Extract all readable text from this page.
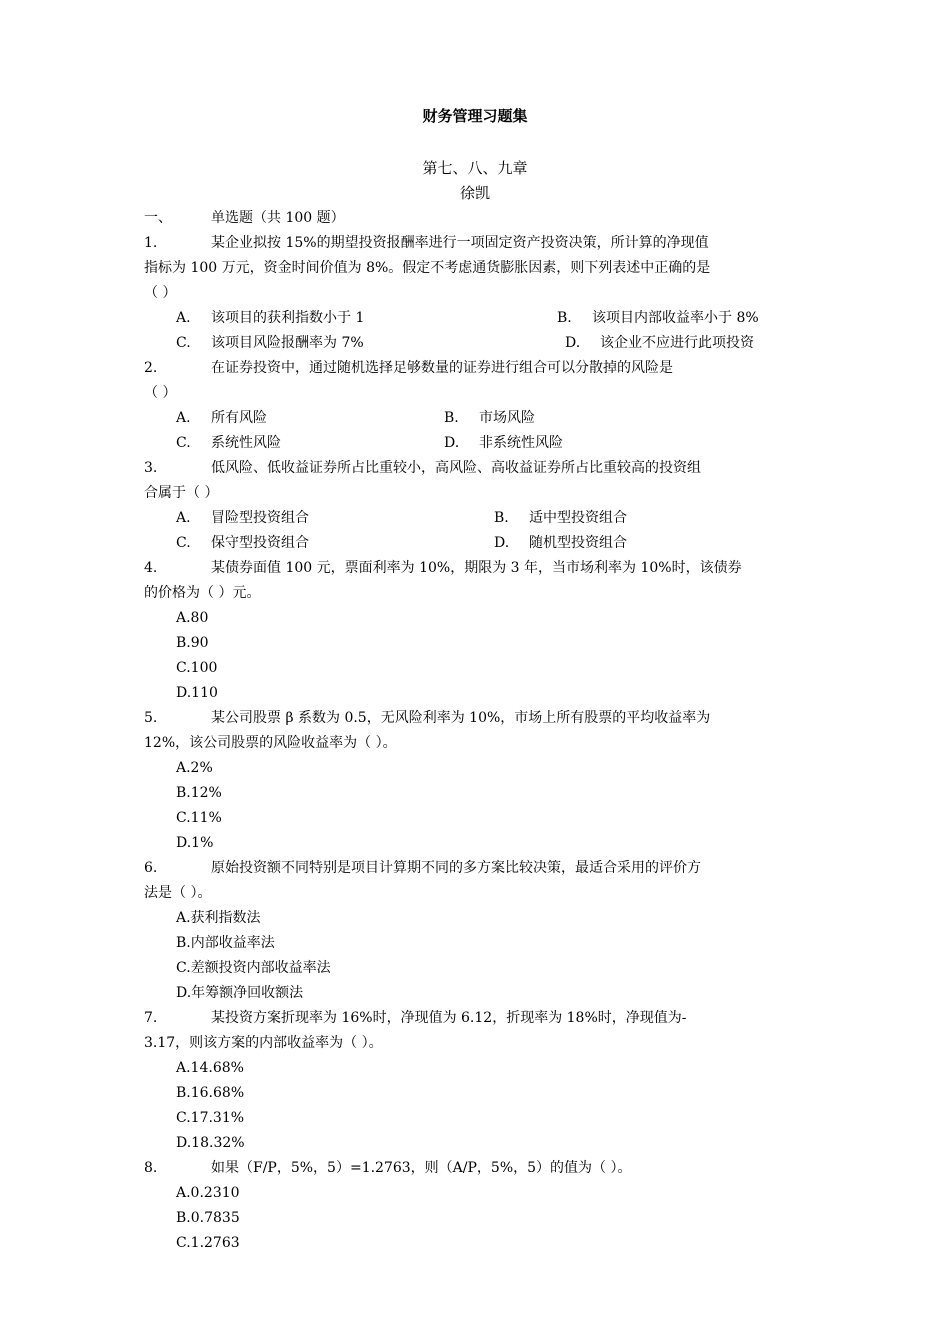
财务管理习题集
第七、八、九章
徐凯
一、	单选题（共 100 题）
1.	某企业拟按 15%的期望投资报酬率进行一项固定资产投资决策，所计算的净现值
指标为 100 万元，资金时间价值为 8%。假定不考虑通货膨胀因素，则下列表述中正确的是
（ ）
A. 该项目的获利指数小于 1	B. 该项目内部收益率小于 8%
C. 该项目风险报酬率为 7%	D. 该企业不应进行此项投资
2.	在证券投资中，通过随机选择足够数量的证券进行组合可以分散掉的风险是
（ ）
A. 所有风险	B. 市场风险
C. 系统性风险	D. 非系统性风险
3.	低风险、低收益证券所占比重较小，高风险、高收益证券所占比重较高的投资组
合属于（ ）
A. 冒险型投资组合	B. 适中型投资组合
C. 保守型投资组合	D. 随机型投资组合
4.	某债券面值 100 元，票面利率为 10%，期限为 3 年，当市场利率为 10%时，该债券
的价格为（ ）元。
A.80
B.90
C.100
D.110
5.	某公司股票 β 系数为 0.5，无风险利率为 10%，市场上所有股票的平均收益率为
12%，该公司股票的风险收益率为（ ）。
A.2%
B.12%
C.11%
D.1%
6.	原始投资额不同特别是项目计算期不同的多方案比较决策，最适合采用的评价方
法是（ ）。
A.获利指数法
B.内部收益率法
C.差额投资内部收益率法
D.年筹额净回收额法
7.	某投资方案折现率为 16%时，净现值为 6.12，折现率为 18%时，净现值为-
3.17，则该方案的内部收益率为（ ）。
A.14.68%
B.16.68%
C.17.31%
D.18.32%
8.	如果（F/P，5%，5）=1.2763，则（A/P，5%，5）的值为（ ）。
A.0.2310
B.0.7835
C.1.2763
